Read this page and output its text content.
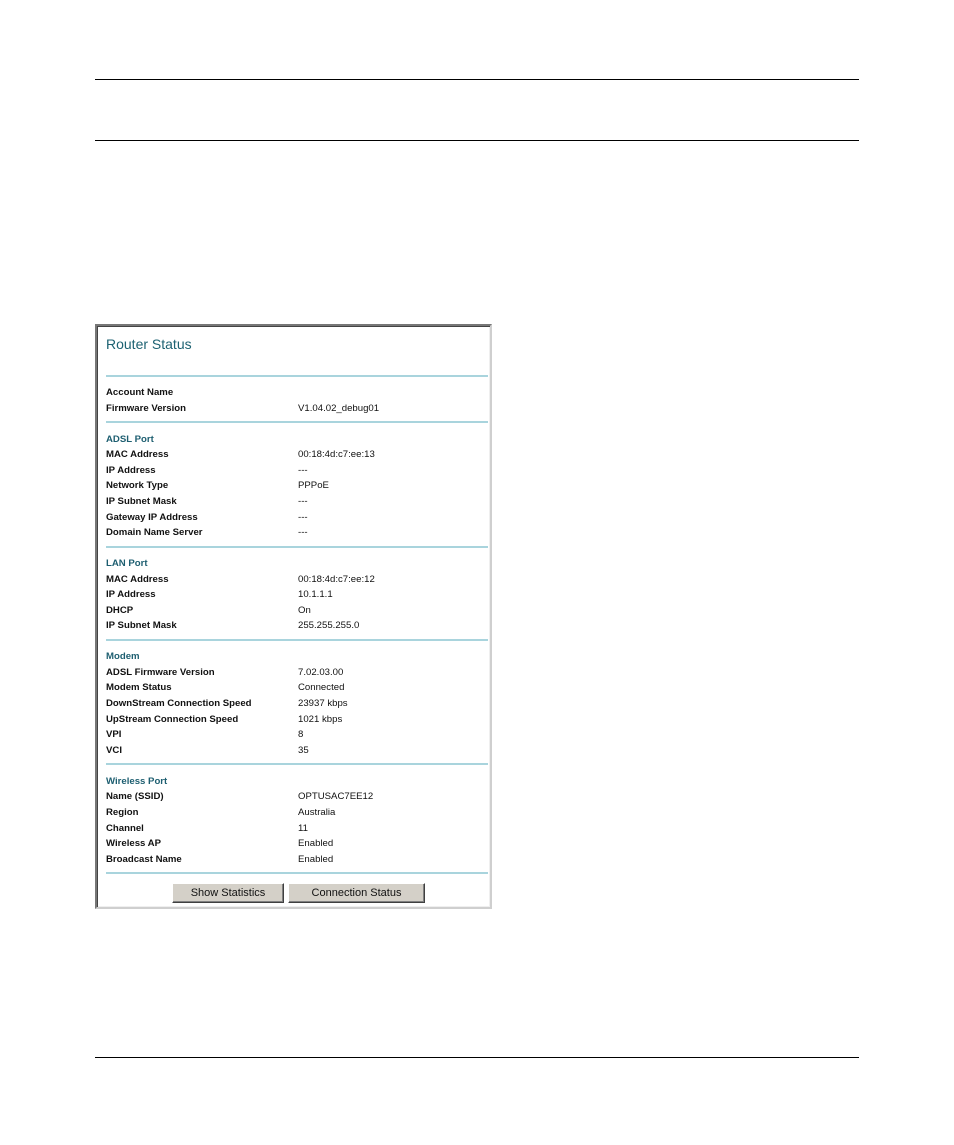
Router Status
Account Name
Firmware Version	V1.04.02_debug01
ADSL Port
MAC Address	00:18:4d:c7:ee:13
IP Address	---
Network Type	PPPoE
IP Subnet Mask	---
Gateway IP Address	---
Domain Name Server	---
LAN Port
MAC Address	00:18:4d:c7:ee:12
IP Address	10.1.1.1
DHCP	On
IP Subnet Mask	255.255.255.0
Modem
ADSL Firmware Version	7.02.03.00
Modem Status	Connected
DownStream Connection Speed	23937 kbps
UpStream Connection Speed	1021 kbps
VPI	8
VCI	35
Wireless Port
Name (SSID)	OPTUSAC7EE12
Region	Australia
Channel	11
Wireless AP	Enabled
Broadcast Name	Enabled
Show Statistics	Connection Status
